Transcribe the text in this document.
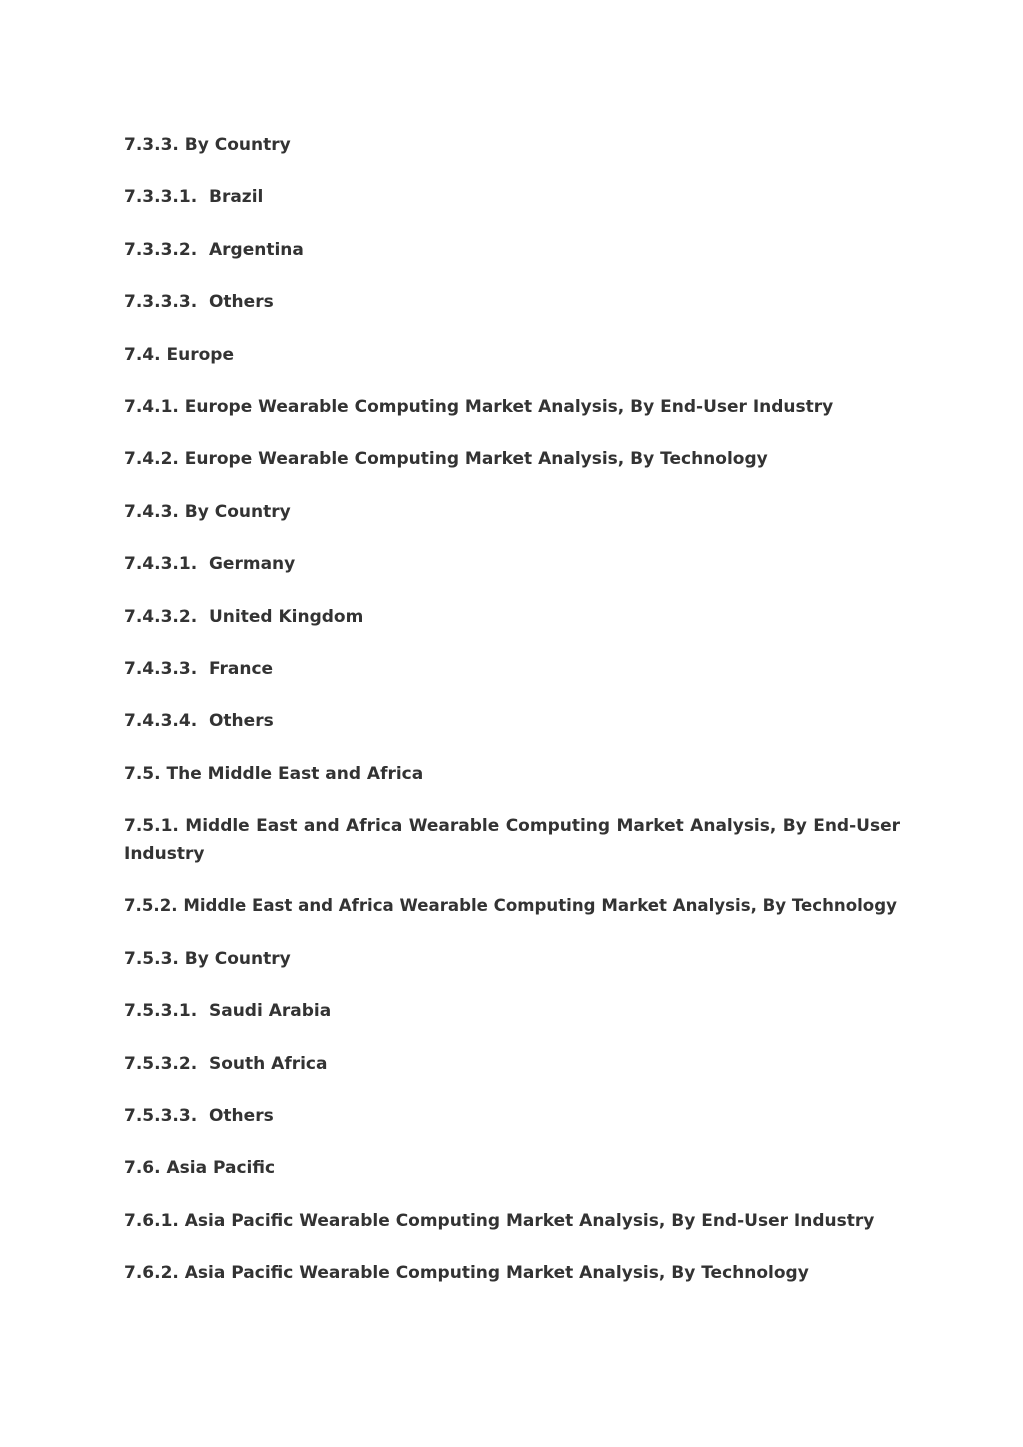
7.3.3. By Country
7.3.3.1.  Brazil
7.3.3.2.  Argentina
7.3.3.3.  Others
7.4. Europe
7.4.1. Europe Wearable Computing Market Analysis, By End-User Industry
7.4.2. Europe Wearable Computing Market Analysis, By Technology
7.4.3. By Country
7.4.3.1.  Germany
7.4.3.2.  United Kingdom
7.4.3.3.  France
7.4.3.4.  Others
7.5. The Middle East and Africa
7.5.1. Middle East and Africa Wearable Computing Market Analysis, By End-User Industry
7.5.2. Middle East and Africa Wearable Computing Market Analysis, By Technology
7.5.3. By Country
7.5.3.1.  Saudi Arabia
7.5.3.2.  South Africa
7.5.3.3.  Others
7.6. Asia Pacific
7.6.1. Asia Pacific Wearable Computing Market Analysis, By End-User Industry
7.6.2. Asia Pacific Wearable Computing Market Analysis, By Technology
